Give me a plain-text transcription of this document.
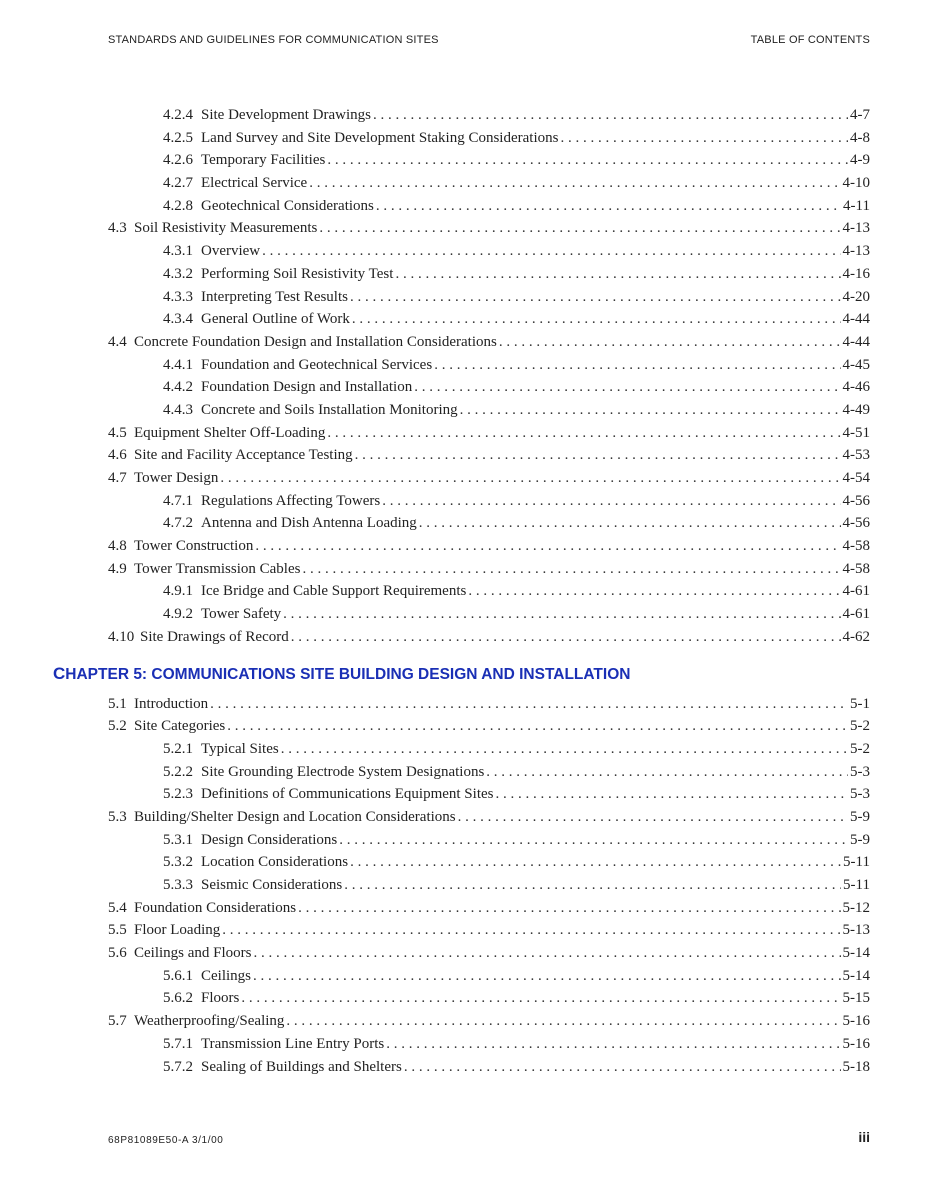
STANDARDS AND GUIDELINES FOR COMMUNICATION SITES	TABLE OF CONTENTS
4.2.4 Site Development Drawings . . .	4-7
4.2.5 Land Survey and Site Development Staking Considerations . . .	4-8
4.2.6 Temporary Facilities . . .	4-9
4.2.7 Electrical Service . . .	4-10
4.2.8 Geotechnical Considerations . . .	4-11
4.3 Soil Resistivity Measurements . . .	4-13
4.3.1 Overview . . .	4-13
4.3.2 Performing Soil Resistivity Test . . .	4-16
4.3.3 Interpreting Test Results . . .	4-20
4.3.4 General Outline of Work . . .	4-44
4.4 Concrete Foundation Design and Installation Considerations . . .	4-44
4.4.1 Foundation and Geotechnical Services . . .	4-45
4.4.2 Foundation Design and Installation . . .	4-46
4.4.3 Concrete and Soils Installation Monitoring . . .	4-49
4.5 Equipment Shelter Off-Loading . . .	4-51
4.6 Site and Facility Acceptance Testing . . .	4-53
4.7 Tower Design . . .	4-54
4.7.1 Regulations Affecting Towers . . .	4-56
4.7.2 Antenna and Dish Antenna Loading . . .	4-56
4.8 Tower Construction . . .	4-58
4.9 Tower Transmission Cables . . .	4-58
4.9.1 Ice Bridge and Cable Support Requirements . . .	4-61
4.9.2 Tower Safety . . .	4-61
4.10 Site Drawings of Record . . .	4-62
CHAPTER 5: COMMUNICATIONS SITE BUILDING DESIGN AND INSTALLATION
5.1 Introduction . . .	5-1
5.2 Site Categories . . .	5-2
5.2.1 Typical Sites . . .	5-2
5.2.2 Site Grounding Electrode System Designations . . .	5-3
5.2.3 Definitions of Communications Equipment Sites . . .	5-3
5.3 Building/Shelter Design and Location Considerations . . .	5-9
5.3.1 Design Considerations . . .	5-9
5.3.2 Location Considerations . . .	5-11
5.3.3 Seismic Considerations . . .	5-11
5.4 Foundation Considerations . . .	5-12
5.5 Floor Loading . . .	5-13
5.6 Ceilings and Floors . . .	5-14
5.6.1 Ceilings . . .	5-14
5.6.2 Floors . . .	5-15
5.7 Weatherproofing/Sealing . . .	5-16
5.7.1 Transmission Line Entry Ports . . .	5-16
5.7.2 Sealing of Buildings and Shelters . . .	5-18
68P81089E50-A 3/1/00	iii
